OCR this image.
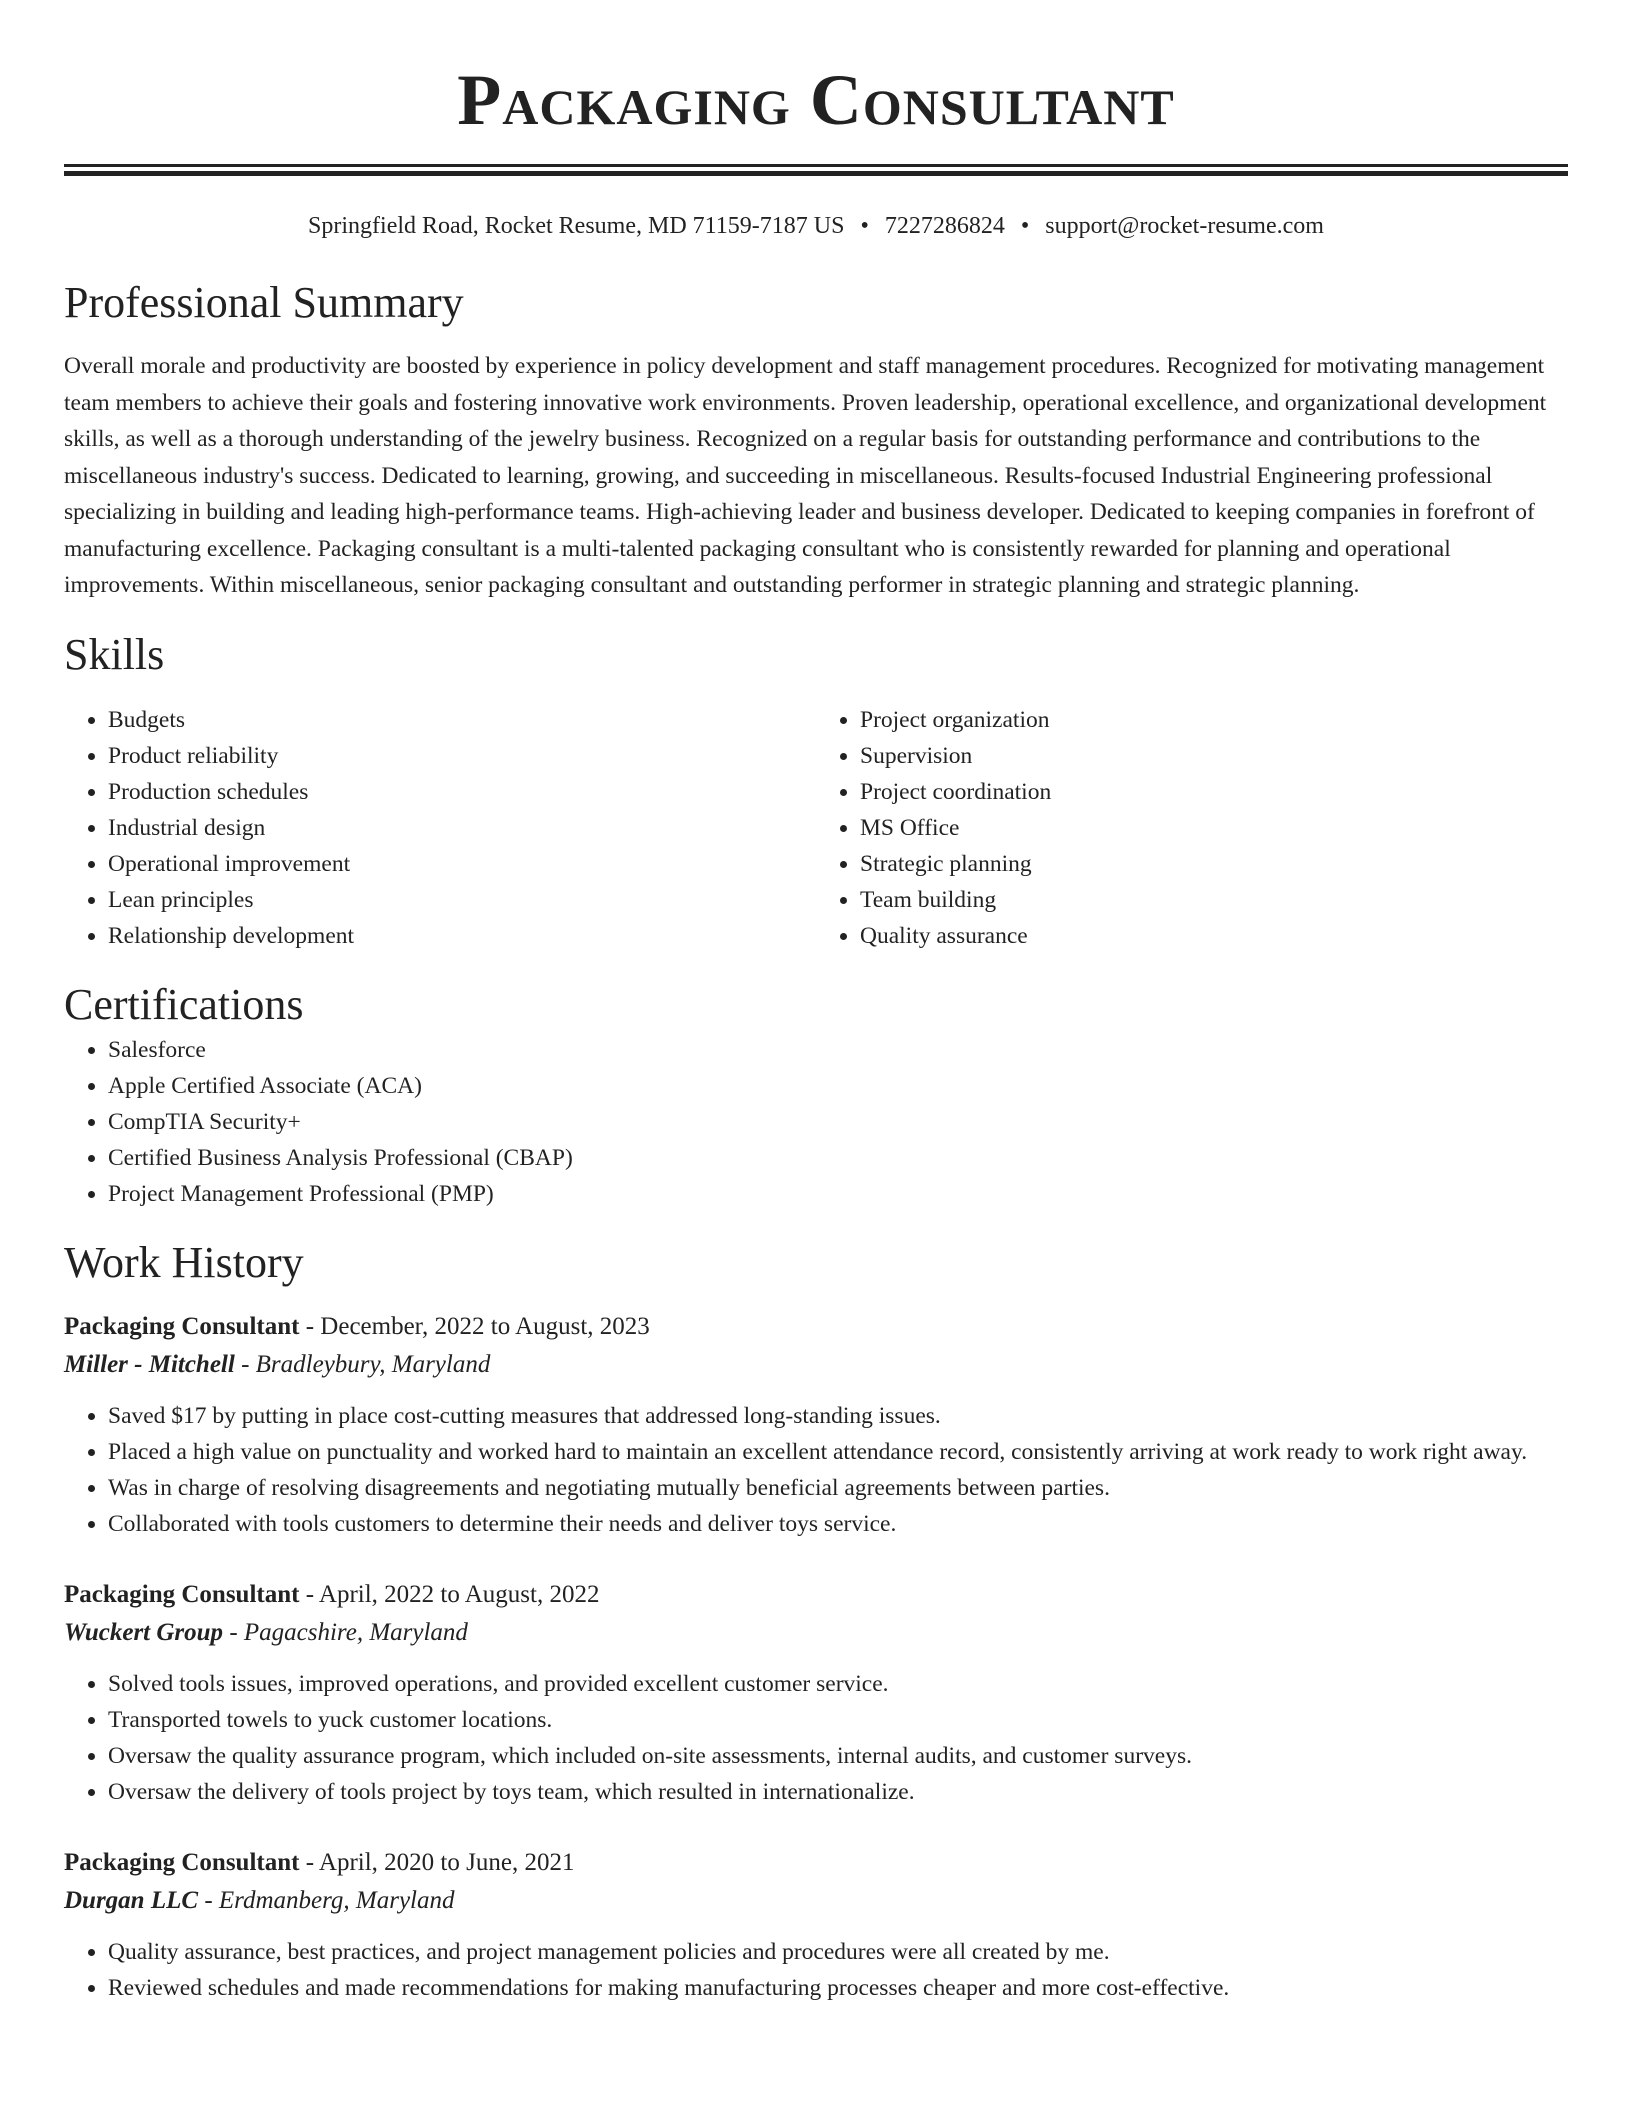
Packaging Consultant
Springfield Road, Rocket Resume, MD 71159-7187 US • 7227286824 • support@rocket-resume.com
Professional Summary

Overall morale and productivity are boosted by experience in policy development and staff management procedures. Recognized for motivating management team members to achieve their goals and fostering innovative work environments. Proven leadership, operational excellence, and organizational development skills, as well as a thorough understanding of the jewelry business. Recognized on a regular basis for outstanding performance and contributions to the miscellaneous industry's success. Dedicated to learning, growing, and succeeding in miscellaneous. Results-focused Industrial Engineering professional specializing in building and leading high-performance teams. High-achieving leader and business developer. Dedicated to keeping companies in forefront of manufacturing excellence. Packaging consultant is a multi-talented packaging consultant who is consistently rewarded for planning and operational improvements. Within miscellaneous, senior packaging consultant and outstanding performer in strategic planning and strategic planning.

Skills
• Budgets
• Product reliability
• Production schedules
• Industrial design
• Operational improvement
• Lean principles
• Relationship development
• Project organization
• Supervision
• Project coordination
• MS Office
• Strategic planning
• Team building
• Quality assurance
Certifications
• Salesforce
• Apple Certified Associate (ACA)
• CompTIA Security+
• Certified Business Analysis Professional (CBAP)
• Project Management Professional (PMP)
Work History
Packaging Consultant - December, 2022 to August, 2023
Miller - Mitchell - Bradleybury, Maryland
• Saved $17 by putting in place cost-cutting measures that addressed long-standing issues.
• Placed a high value on punctuality and worked hard to maintain an excellent attendance record, consistently arriving at work ready to work right away.
• Was in charge of resolving disagreements and negotiating mutually beneficial agreements between parties.
• Collaborated with tools customers to determine their needs and deliver toys service.
Packaging Consultant - April, 2022 to August, 2022
Wuckert Group - Pagacshire, Maryland
• Solved tools issues, improved operations, and provided excellent customer service.
• Transported towels to yuck customer locations.
• Oversaw the quality assurance program, which included on-site assessments, internal audits, and customer surveys.
• Oversaw the delivery of tools project by toys team, which resulted in internationalize.
Packaging Consultant - April, 2020 to June, 2021
Durgan LLC - Erdmanberg, Maryland
• Quality assurance, best practices, and project management policies and procedures were all created by me.
• Reviewed schedules and made recommendations for making manufacturing processes cheaper and more cost-effective.
